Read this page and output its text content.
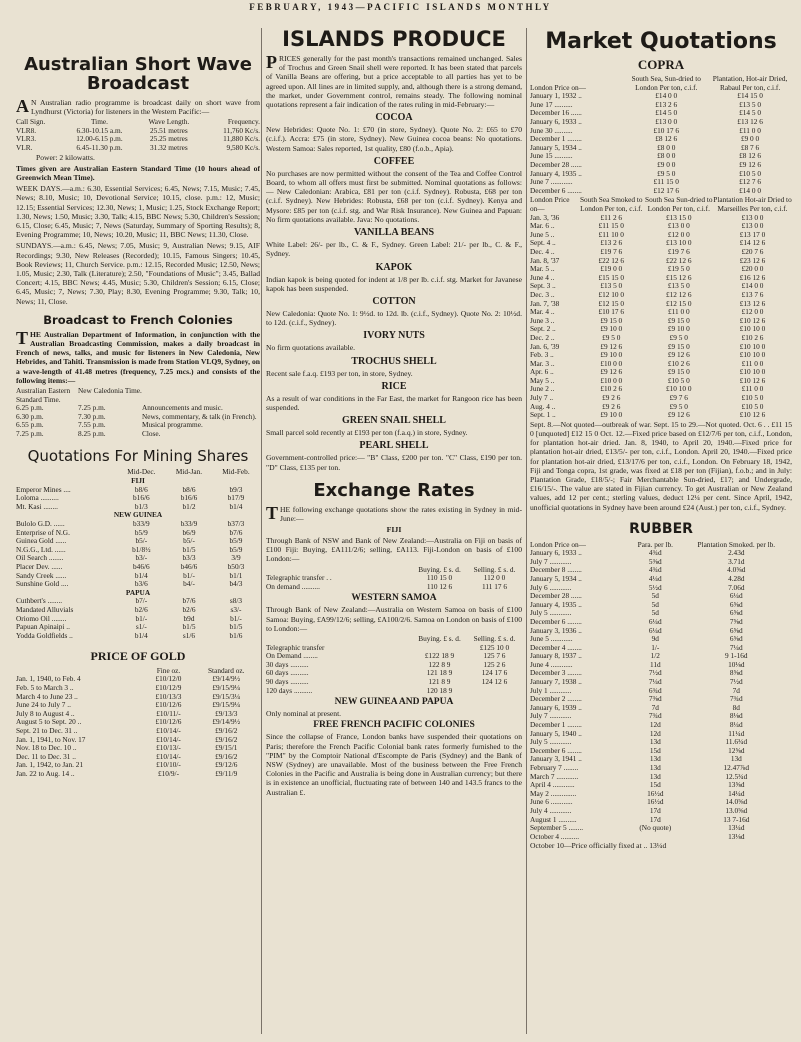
FEBRUARY, 1943—PACIFIC ISLANDS MONTHLY
Australian Short Wave Broadcast
AN Australian radio programme is broadcast daily on short wave from Lyndhurst (Victoria) for listeners in the Western Pacific:—
Call Sign.	Time.	Wave Length.	Frequency.
VLR8.	6.30-10.15 a.m.	25.51 metres	11,760 Kc/s.
VLR3.	12.00-6.15 p.m.	25.25 metres	11,880 Kc/s.
VLR.	6.45-11.30 p.m.	31.32 metres	9,580 Kc/s.
Power: 2 kilowatts.
Times given are Australian Eastern Standard Time (10 hours ahead of Greenwich Mean Time).
WEEK DAYS.—a.m.: 6.30, Essential Services; 6.45, News; 7.15, Music; 7.45, News; 8.10, Music; 10, Devotional Service; 10.15, close. p.m.: 12, Music; 12.15; Essential Services; 12.30, News; 1, Music; 1.25, Stock Exchange Report; 1.30, News; 1.50, Music; 3.30, Talk; 4.15, BBC News; 5.30, Children's Session; 6.15, Close; 6.45, Music; 7, News (Saturday, Summary of Sporting Results); 8, Evening Programme; 10, News; 10.20, Music; 11, BBC News; 11.30, Close.
SUNDAYS.—a.m.: 6.45, News; 7.05, Music; 9, Australian News; 9.15, AIF Recordings; 9.30, New Releases (Recorded); 10.15, Famous Singers; 10.45, Book Reviews; 11, Church Service. p.m.: 12.15, Recorded Music; 12.50, News; 1.05, Music; 2.30, Talk (Literature); 2.50, "Foundations of Music"; 3.45, Ballad Concert; 4.15, BBC News; 4.45, Music; 5.30, Children's Session; 6.15, Close; 6.45, Music; 7, News; 7.30, Play; 8.30, Evening Programme; 9.30, Talk; 10, News; 11, Close.
Broadcast to French Colonies
THE Australian Department of Information, in conjunction with the Australian Broadcasting Commission, makes a daily broadcast in French of news, talks, and music for listeners in New Caledonia, New Hebrides, and Tahiti. Transmission is made from Station VLQ9, Sydney, on a wave-length of 41.48 metres (frequency, 7.25 mcs.) and consists of the following items:—
Australian Eastern Standard Time.	New Caledonia Time.	
6.25 p.m.	7.25 p.m.	Announcements and music.
6.30 p.m.	7.30 p.m.	News, commentary, & talk (in French).
6.55 p.m.	7.55 p.m.	Musical programme.
7.25 p.m.	8.25 p.m.	Close.
Quotations For Mining Shares
	Mid-Dec.	Mid-Jan.	Mid-Feb.
FIJI			
Emperor Mines ....	b8/6	b8/6	b9/3
Loloma ..........	b16/6	b16/6	b17/9
Mt. Kasi ........	b1/3	b1/2	b1/4
NEW GUINEA			
Bulolo G.D. ......	b33/9	b33/9	b37/3
Enterprise of N.G.	b5/9	b6/9	b7/6
Guinea Gold ......	b5/-	b5/-	b5/9
N.G.G., Ltd. ......	b1/8½	b1/5	b5/9
Oil Search ........	b3/-	b3/3	3/9
Placer Dev. ......	b46/6	b46/6	b50/3
Sandy Creek ......	b1/4	b1/-	b1/1
Sunshine Gold ....	b3/6	b4/-	b4/3
PAPUA			
Cuthbert's ........	b7/-	b7/6	s8/3
Mandated Alluvials	b2/6	b2/6	s3/-
Oriomo Oil ........	b1/-	b9d	b1/-
Papuan Apinaipi ..	s1/-	b1/5	b1/5
Yodda Goldfields ..	b1/4	s1/6	b1/6
PRICE OF GOLD
	Fine oz.	Standard oz.
Jan. 1, 1940, to Feb. 4	£10/12/0	£9/14/9½
Feb. 5 to March 3 ..	£10/12/9	£9/15/9¼
March 4 to June 23 ..	£10/13/3	£9/15/3¼
June 24 to July 7 ..	£10/12/6	£9/15/9¼
July 8 to August 4 ..	£10/11/-	£9/13/3
August 5 to Sept. 20 ..	£10/12/6	£9/14/9½
Sept. 21 to Dec. 31 ..	£10/14/-	£9/16/2
Jan. 1, 1941, to Nov. 17	£10/14/-	£9/16/2
Nov. 18 to Dec. 10 ..	£10/13/-	£9/15/1
Dec. 11 to Dec. 31 ..	£10/14/-	£9/16/2
Jan. 1, 1942, to Jan. 21	£10/10/-	£9/12/6
Jan. 22 to Aug. 14 ..	£10/9/-	£9/11/9
ISLANDS PRODUCE
PRICES generally for the past month's transactions remained unchanged. Sales of Trochus and Green Snail shell were reported. It has been stated that parcels of Vanilla Beans are offering, but a price acceptable to all parties has yet to be agreed upon. All lines are in limited supply, and, although there is a strong demand, the market, under Government control, remains steady. The following nominal quotations represent a fair indication of the rates ruling in mid-February:—
COCOA
New Hebrides: Quote No. 1: £70 (in store, Sydney). Quote No. 2: £65 to £70 (c.i.f.). Accra: £75 (in store, Sydney). New Guinea cocoa beans: No quotations. Western Samoa: Sales reported, 1st quality, £80 (f.o.b., Apia).
COFFEE
No purchases are now permitted without the consent of the Tea and Coffee Control Board, to whom all offers must first be submitted. Nominal quotations as follows:— New Caledonian: Arabica, £81 per ton (c.i.f. Sydney). Robusta, £68 per ton (c.i.f. Sydney). New Hebrides: Robusta, £68 per ton (c.i.f. Sydney). Kenya and Mysore: £85 per ton (c.i.f. stg. and War Risk Insurance). New Guinea and Papuan: No firm quotations available. Java: No quotations.
VANILLA BEANS
White Label: 26/- per lb., C. & F., Sydney. Green Label: 21/- per lb., C. & F., Sydney.
KAPOK
Indian kapok is being quoted for indent at 1/8 per lb. c.i.f. stg. Market for Javanese kapok has been suspended.
COTTON
New Caledonia: Quote No. 1: 9½d. to 12d. lb. (c.i.f., Sydney). Quote No. 2: 10½d. to 12d. (c.i.f., Sydney).
IVORY NUTS
No firm quotations available.
TROCHUS SHELL
Recent sale f.a.q. £193 per ton, in store, Sydney.
RICE
As a result of war conditions in the Far East, the market for Rangoon rice has been suspended.
GREEN SNAIL SHELL
Small parcel sold recently at £193 per ton (f.a.q.) in store, Sydney.
PEARL SHELL
Government-controlled price:— "B" Class, £200 per ton. "C" Class, £190 per ton. "D" Class, £135 per ton.
Exchange Rates
THE following exchange quotations show the rates existing in Sydney in mid-June:—
FIJI
Through Bank of NSW and Bank of New Zealand:—Australia on Fiji on basis of £100 Fiji: Buying, £A111/2/6; selling, £A113. Fiji-London on basis of £100 London:—
	Buying. £ s. d.	Selling. £ s. d.
Telegraphic transfer . .	110 15 0	112 0 0
On demand ..........	110 12 6	111 17 6
WESTERN SAMOA
Through Bank of New Zealand:—Australia on Western Samoa on basis of £100 Samoa: Buying, £A99/12/6; selling, £A100/2/6. Samoa on London on basis of £100 to London:—
	Buying. £ s. d.	Selling. £ s. d.
Telegraphic transfer		£125 10 0
On Demand ........	£122 18 9	125 7 6
30 days ..........	122 8 9	125 2 6
60 days ..........	121 18 9	124 17 6
90 days ..........	121 8 9	124 12 6
120 days ..........	120 18 9	
NEW GUINEA AND PAPUA
Only nominal at present.
FREE FRENCH PACIFIC COLONIES
Since the collapse of France, London banks have suspended their quotations on Paris; therefore the French Pacific Colonial bank rates formerly furnished to the "PIM" by the Comptoir National d'Escompte de Paris (Sydney) and the Bank of NSW (Sydney) are unavailable. Most of the business between the Free French Colonies in the Pacific and Australia is being done in Australian currency; but there is in existence an unofficial, fluctuating rate of between 140 and 143.5 francs to the Australian £.
Market Quotations
COPRA
London Price on—	South Sea, Sun-dried to London Per ton, c.i.f.	Plantation, Hot-air Dried, Rabaul Per ton, c.i.f.
January 1, 1932 ..	£14 0 0	£14 15 0
June 17 ..........	£13 2 6	£13 5 0
December 16 ......	£14 5 0	£14 5 0
January 6, 1933 ..	£13 0 0	£13 12 6
June 30 ..........	£10 17 6	£11 0 0
December 1 ........	£8 12 6	£9 0 0
January 5, 1934 ..	£8 0 0	£8 7 6
June 15 ..........	£8 0 0	£8 12 6
December 28 ......	£9 0 0	£9 12 6
January 4, 1935 ..	£9 5 0	£10 5 0
June 7 ............	£11 15 0	£12 7 6
December 6 ........	£12 17 6	£14 0 0
London Price on—	South Sea Smoked to London Per ton, c.i.f.	South Sea Sun-dried to London Per ton, c.i.f.	Plantation Hot-air Dried to Marseilles Per ton, c.i.f.
Jan. 3, '36	£11 2 6	£13 15 0	£13 0 0
Mar. 6 ..	£11 15 0	£13 0 0	£13 0 0
June 5 ..	£11 10 0	£12 0 0	£13 17 0
Sept. 4 ..	£13 2 6	£13 10 0	£14 12 6
Dec. 4 ..	£19 7 6	£19 7 6	£20 7 6
Jan. 8, '37	£22 12 6	£22 12 6	£23 12 6
Mar. 5 ..	£19 0 0	£19 5 0	£20 0 0
June 4 ..	£15 15 0	£15 12 6	£16 12 6
Sept. 3 ..	£13 5 0	£13 5 0	£14 0 0
Dec. 3 ..	£12 10 0	£12 12 6	£13 7 6
Jan. 7, '38	£12 15 0	£12 15 0	£13 12 6
Mar. 4 ..	£10 17 6	£11 0 0	£12 0 0
June 3 ..	£9 15 0	£9 15 0	£10 12 6
Sept. 2 ..	£9 10 0	£9 10 0	£10 10 0
Dec. 2 ..	£9 5 0	£9 5 0	£10 2 6
Jan. 6, '39	£9 12 6	£9 15 0	£10 10 0
Feb. 3 ..	£9 10 0	£9 12 6	£10 10 0
Mar. 3 ..	£10 0 0	£10 2 6	£11 0 0
Apr. 6 ..	£9 12 6	£9 15 0	£10 10 0
May 5 ..	£10 0 0	£10 5 0	£10 12 6
June 2 ..	£10 2 6	£10 10 0	£11 0 0
July 7 ..	£9 2 6	£9 7 6	£10 5 0
Aug. 4 ..	£9 2 6	£9 5 0	£10 5 0
Sept. 1 ..	£9 10 0	£9 12 6	£10 12 6
Sept. 8.—Not quoted—outbreak of war. Sept. 15 to 29.—Not quoted. Oct. 6 . . £11 15 0 [unquoted] £12 15 0 Oct. 12.—Fixed price based on £12/7/6 per ton, c.i.f., London, for plantation hot-air dried. Jan. 8, 1940, to April 20, 1940.—Fixed price for plantation hot-air dried, £13/5/- per ton, c.i.f., London. April 20, 1940.—Fixed price for plantation hot-air dried, £13/17/6 per ton, c.i.f., London. On February 18, 1942, Fiji and Tonga copra, 1st grade, was fixed at £18 per ton (Fijian), f.o.b.; and in July: Plantation Grade, £18/5/-; Fair Merchantable Sun-dried, £17; and Undergrade, £16/15/-. The value are stated in Fijian currency. To get Australian or New Zealand values, add 12 per cent.; sterling values, deduct 12¼ per cent. Since April, 1942, unofficial quotations in Sydney have been around £24 (Aust.) per ton, c.i.f., Sydney.
RUBBER
London Price on—	Para. per lb.	Plantation Smoked. per lb.
January 6, 1933 ..	4¾d	2.43d
July 7 ............	5⅜d	3.71d
December 8 ........	4¾d	4.0⅝d
January 5, 1934 ..	4¼d	4.28d
July 6 ............	5½d	7.06d
December 28 ......	5d	6¼d
January 4, 1935 ..	5d	6⅝d
July 5 ............	5d	6⅝d
December 6 ........	6¼d	7⅝d
January 3, 1936 ..	6¼d	6⅝d
June 5 ............	9d	6⅝d
December 4 ........	1/-	7¼d
January 8, 1937 ..	1/2	9 1-16d
June 4 ............	11d	10⅛d
December 3 ........	7½d	8⅝d
January 7, 1938 ..	7¼d	7½d
July 1 ............	6¾d	7d
December 2 ........	7⅜d	7¾d
January 6, 1939 ..	7d	8d
July 7 ............	7¾d	8⅛d
December 1 ........	12d	8¼d
January 5, 1940 ..	12d	11¼d
July 5 ............	13d	11.6¾d
December 6 ........	15d	12⅝d
January 3, 1941 ..	13d	13d
February 7 ........	13d	12.47⅞d
March 7 ............	13d	12.5¾d
April 4 ............	15d	13⅝d
May 2 ..............	16½d	14¼d
June 6 ............	16½d	14.0⅝d
July 4 ............	17d	13.0⅝d
August 1 ..........	17d	13 7-16d
September 5 ........	(No quote)	13¼d
October 4 ..........		13⅛d
October 10—Price officially fixed at .. 13¼d
